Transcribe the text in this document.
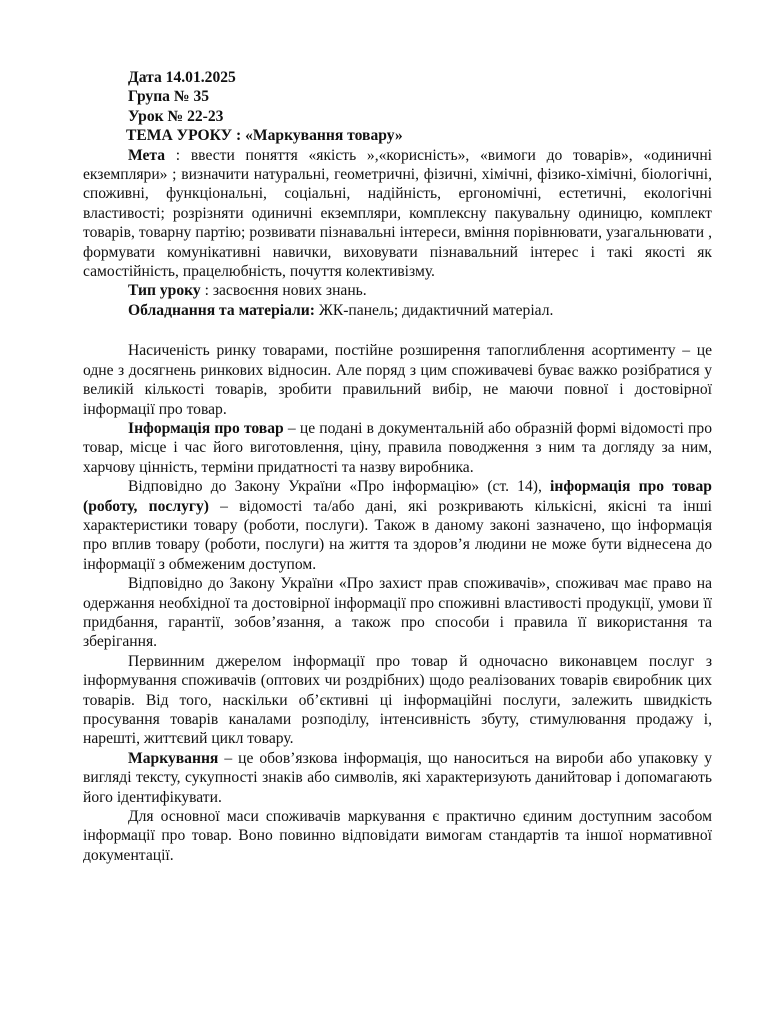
Дата 14.01.2025
Група № 35
Урок № 22-23
ТЕМА УРОКУ : «Маркування товару»

Мета : ввести поняття «якість »,«корисність», «вимоги до товарів», «одиничні екземпляри» ; визначити натуральні, геометричні, фізичні, хімічні, фізико-хімічні, біологічні, споживні, функціональні, соціальні, надійність, ергономічні, естетичні, екологічні властивості; розрізняти одиничні екземпляри, комплексну пакувальну одиницю, комплект товарів, товарну партію; розвивати пізнавальні інтереси, вміння порівнювати, узагальнювати , формувати комунікативні навички, виховувати пізнавальний інтерес і такі якості як самостійність, працелюбність, почуття колективізму.

Тип уроку : засвоєння нових знань.

Обладнання та матеріали: ЖК-панель; дидактичний матеріал.

Насиченість ринку товарами, постійне розширення тапоглиблення асортименту – це одне з досягнень ринкових відносин. Але поряд з цим споживачеві буває важко розібратися у великій кількості товарів, зробити правильний вибір, не маючи повної і достовірної інформації про товар.

Інформація про товар – це подані в документальній або образній формі відомості про товар, місце і час його виготовлення, ціну, правила поводження з ним та догляду за ним, харчову цінність, терміни придатності та назву виробника.

Відповідно до Закону України «Про інформацію» (ст. 14), інформація про товар (роботу, послугу) – відомості та/або дані, які розкривають кількісні, якісні та інші характеристики товару (роботи, послуги). Також в даному законі зазначено, що інформація про вплив товару (роботи, послуги) на життя та здоров’я людини не може бути віднесена до інформації з обмеженим доступом.

Відповідно до Закону України «Про захист прав споживачів», споживач має право на одержання необхідної та достовірної інформації про споживні властивості продукції, умови її придбання, гарантії, зобов’язання, а також про способи і правила її використання та зберігання.

Первинним джерелом інформації про товар й одночасно виконавцем послуг з інформування споживачів (оптових чи роздрібних) щодо реалізованих товарів євиробник цих товарів. Від того, наскільки об’єктивні ці інформаційні послуги, залежить швидкість просування товарів каналами розподілу, інтенсивність збуту, стимулювання продажу і, нарешті, життєвий цикл товару.

Маркування – це обов’язкова інформація, що наноситься на вироби або упаковку у вигляді тексту, сукупності знаків або символів, які характеризують данийтовар і допомагають його ідентифікувати.

Для основної маси споживачів маркування є практично єдиним доступним засобом інформації про товар. Воно повинно відповідати вимогам стандартів та іншої нормативної документації.
